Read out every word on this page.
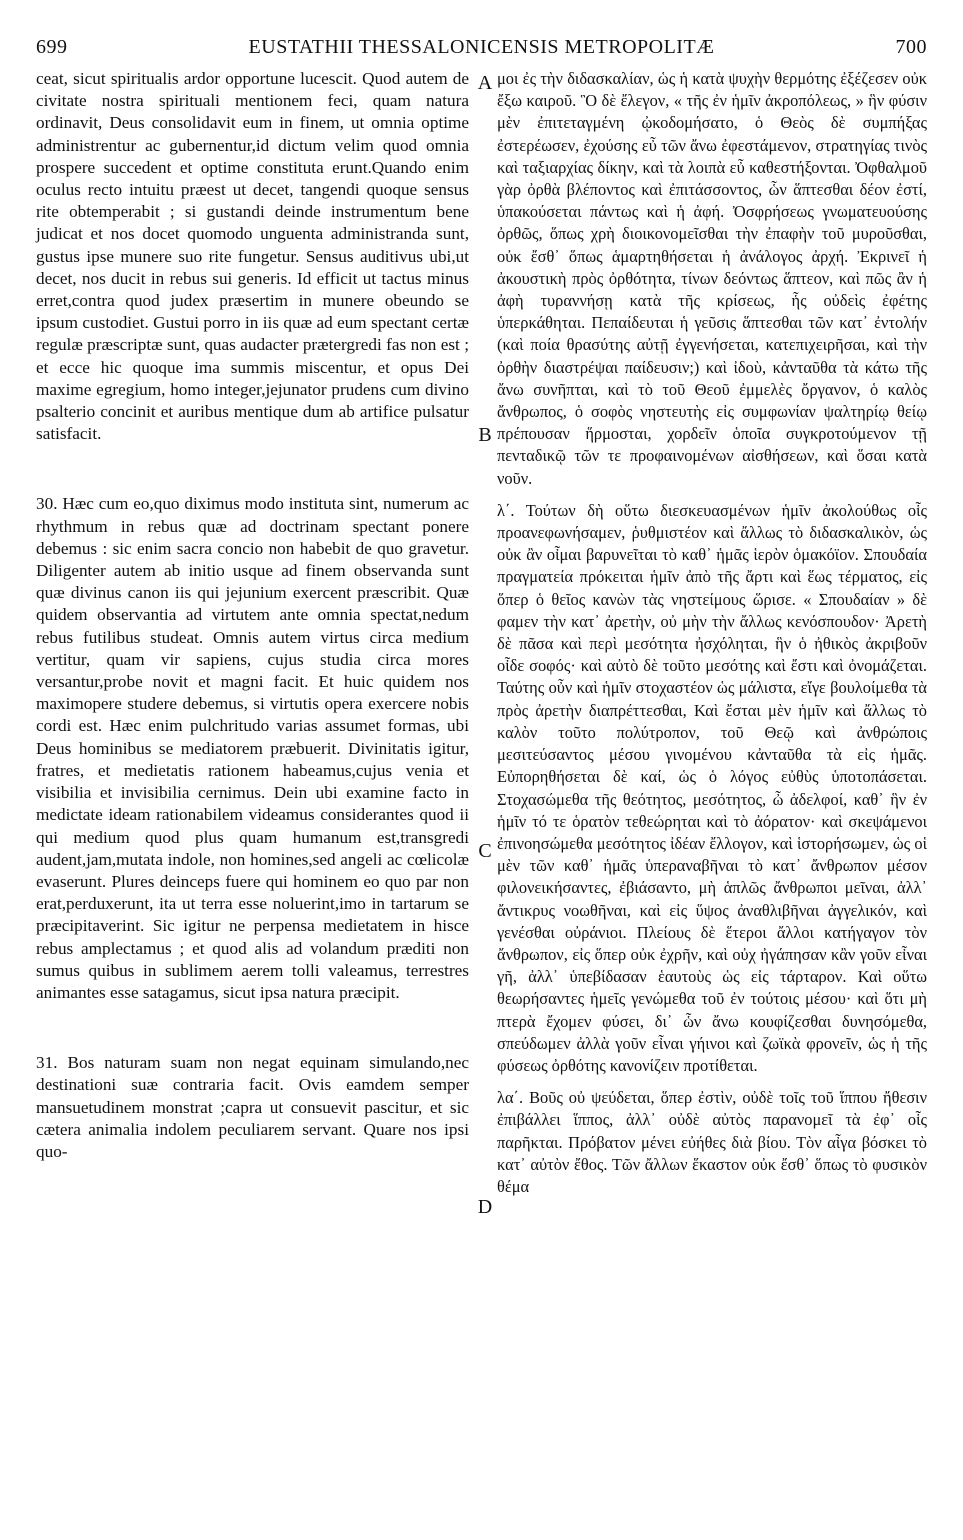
699	EUSTATHII THESSALONICENSIS METROPOLITÆ	700

ceat, sicut spiritualis ardor opportune lucescit. Quod autem de civitate nostra spirituali mentionem feci, quam natura ordinavit, Deus consolidavit eum in finem, ut omnia optime administrentur ac gubernentur,id dictum velim quod omnia prospere succedent et optime constituta erunt.Quando enim oculus recto intuitu præest ut decet, tangendi quoque sensus rite obtemperabit ; si gustandi deinde instrumentum bene judicat et nos docet quomodo unguenta administranda sunt, gustus ipse munere suo rite fungetur. Sensus auditivus ubi,ut decet, nos ducit in rebus sui generis. Id efficit ut tactus minus erret,contra quod judex præsertim in munere obeundo se ipsum custodiet. Gustui porro in iis quæ ad eum spectant certæ regulæ præscriptæ sunt, quas audacter prætergredi fas non est ; et ecce hic quoque ima summis miscentur, et opus Dei maxime egregium, homo integer,jejunator prudens cum divino psalterio concinit et auribus mentique dum ab artifice pulsatur satisfacit.

30. Hæc cum eo,quo diximus modo instituta sint, numerum ac rhythmum in rebus quæ ad doctrinam spectant ponere debemus : sic enim sacra concio non habebit de quo gravetur. Diligenter autem ab initio usque ad finem observanda sunt quæ divinus canon iis qui jejunium exercent præscribit. Quæ quidem observantia ad virtutem ante omnia spectat,nedum rebus futilibus studeat. Omnis autem virtus circa medium vertitur, quam vir sapiens, cujus studia circa mores versantur,probe novit et magni facit. Et huic quidem nos maximopere studere debemus, si virtutis opera exercere nobis cordi est. Hæc enim pulchritudo varias assumet formas, ubi Deus hominibus se mediatorem præbuerit. Divinitatis igitur, fratres, et medietatis rationem habeamus,cujus venia et visibilia et invisibilia cernimus. Dein ubi examine facto in medictate ideam rationabilem videamus considerantes quod ii qui medium quod plus quam humanum est,transgredi audent,jam,mutata indole, non homines,sed angeli ac cœlicolæ evaserunt. Plures deinceps fuere qui hominem eo quo par non erat,perduxerunt, ita ut terra esse noluerint,imo in tartarum se præcipitaverint. Sic igitur ne perpensa medietatem in hisce rebus amplectamus ; et quod alis ad volandum præditi non sumus quibus in sublimem aerem tolli valeamus, terrestres animantes esse satagamus, sicut ipsa natura præcipit.

31. Bos naturam suam non negat equinam simulando,nec destinationi suæ contraria facit. Ovis eamdem semper mansuetudinem monstrat ;capra ut consuevit pascitur, et sic cætera animalia indolem peculiarem servant. Quare nos ipsi quo-

A
B
C
D

μοι ἐς τὴν διδασκαλίαν, ὡς ἡ κατὰ ψυχὴν θερμότης ἐξέζεσεν οὐκ ἔξω καιροῦ. Ὃ δὲ ἔλεγον, « τῆς ἐν ἡμῖν ἀκροπόλεως, » ἣν φύσιν μὲν ἐπιτεταγμένη ᾠκοδομήσατο, ὁ Θεὸς δὲ συμπήξας ἐστερέωσεν, ἐχούσης εὖ τῶν ἄνω ἐφεστάμενον, στρατηγίας τινὸς καὶ ταξιαρχίας δίκην, καὶ τὰ λοιπὰ εὖ καθεστήξονται. Ὀφθαλμοῦ γὰρ ὀρθὰ βλέποντος καὶ ἐπιτάσσοντος, ὧν ἅπτεσθαι δέον ἐστί, ὑπακούσεται πάντως καὶ ἡ ἀφή. Ὀσφρήσεως γνωματευούσης ὀρθῶς, ὅπως χρὴ διοικονομεῖσθαι τὴν ἐπαφὴν τοῦ μυροῦσθαι, οὐκ ἔσθ᾽ ὅπως ἁμαρτηθήσεται ἡ ἀνάλογος ἀρχή. Ἐκρινεῖ ἡ ἀκουστικὴ πρὸς ὀρθότητα, τίνων δεόντως ἅπτεον, καὶ πῶς ἂν ἡ ἀφὴ τυραννήσῃ κατὰ τῆς κρίσεως, ἧς οὐδεὶς ἐφέτης ὑπερκάθηται. Πεπαίδευται ἡ γεῦσις ἅπτεσθαι τῶν κατ᾽ ἐντολήν (καὶ ποία θρασύτης αὐτῇ ἐγγενήσεται, κατεπιχειρῆσαι, καὶ τὴν ὀρθὴν διαστρέψαι παίδευσιν;) καὶ ἰδοὺ, κἀνταῦθα τὰ κάτω τῆς ἄνω συνῆπται, καὶ τὸ τοῦ Θεοῦ ἐμμελὲς ὄργανον, ὁ καλὸς ἄνθρωπος, ὁ σοφὸς νηστευτὴς εἰς συμφωνίαν ψαλτηρίῳ θείῳ πρέπουσαν ἥρμοσται, χορδεῖν ὁποῖα συγκροτούμενον τῇ πενταδικῷ τῶν τε προφαινομένων αἰσθήσεων, καὶ ὅσαι κατὰ νοῦν.

λ΄. Τούτων δὴ οὕτω διεσκευασμένων ἡμῖν ἀκολούθως οἷς προανεφωνήσαμεν, ῥυθμιστέον καὶ ἄλλως τὸ διδασκαλικὸν, ὡς οὐκ ἂν οἶμαι βαρυνεῖται τὸ καθ᾽ ἡμᾶς ἱερὸν ὁμακόϊον. Σπουδαία πραγματεία πρόκειται ἡμῖν ἀπὸ τῆς ἄρτι καὶ ἕως τέρματος, εἰς ὅπερ ὁ θεῖος κανὼν τὰς νηστείμους ὥρισε. « Σπουδαίαν » δὲ φαμεν τὴν κατ᾽ ἀρετὴν, οὐ μὴν τὴν ἄλλως κενόσπουδον· Ἀρετὴ δὲ πᾶσα καὶ περὶ μεσότητα ἠσχόληται, ἣν ὁ ἠθικὸς ἀκριβοῦν οἶδε σοφός· καὶ αὐτὸ δὲ τοῦτο μεσότης καὶ ἔστι καὶ ὀνομάζεται. Ταύτης οὖν καὶ ἡμῖν στοχαστέον ὡς μάλιστα, εἴγε βουλοίμεθα τὰ πρὸς ἀρετὴν διαπρέττεσθαι, Καὶ ἔσται μὲν ἡμῖν καὶ ἄλλως τὸ καλὸν τοῦτο πολύτροπον, τοῦ Θεῷ καὶ ἀνθρώποις μεσιτεύσαντος μέσου γινομένου κἀνταῦθα τὰ εἰς ἡμᾶς. Εὐπορηθήσεται δὲ καί, ὡς ὁ λόγος εὐθὺς ὑποτοπάσεται. Στοχασώμεθα τῆς θεότητος, μεσότητος, ὦ ἀδελφοί, καθ᾽ ἣν ἐν ἡμῖν τό τε ὁρατὸν τεθεώρηται καὶ τὸ ἀόρατον· καὶ σκεψάμενοι ἐπινοησώμεθα μεσότητος ἰδέαν ἔλλογον, καὶ ἱστορήσωμεν, ὡς οἱ μὲν τῶν καθ᾽ ἡμᾶς ὑπεραναβῆναι τὸ κατ᾽ ἄνθρωπον μέσον φιλονεικήσαντες, ἐβιάσαντο, μὴ ἁπλῶς ἄνθρωποι μεῖναι, ἀλλ᾽ ἄντικρυς νοωθῆναι, καὶ εἰς ὕψος ἀναθλιβῆναι ἀγγελικόν, καὶ γενέσθαι οὐράνιοι. Πλείους δὲ ἕτεροι ἄλλοι κατήγαγον τὸν ἄνθρωπον, εἰς ὅπερ οὐκ ἐχρῆν, καὶ οὐχ ἠγάπησαν κἂν γοῦν εἶναι γῆ, ἀλλ᾽ ὑπεβίδασαν ἑαυτοὺς ὡς εἰς τάρταρον. Καὶ οὕτω θεωρήσαντες ἡμεῖς γενώμεθα τοῦ ἐν τούτοις μέσου· καὶ ὅτι μὴ πτερὰ ἔχομεν φύσει, δι᾽ ὧν ἄνω κουφίζεσθαι δυνησόμεθα, σπεύδωμεν ἀλλὰ γοῦν εἶναι γήινοι καὶ ζωϊκὰ φρονεῖν, ὡς ἡ τῆς φύσεως ὀρθότης κανονίζειν προτίθεται.

λα΄. Βοῦς οὐ ψεύδεται, ὅπερ ἐστὶν, οὐδὲ τοῖς τοῦ ἵππου ἤθεσιν ἐπιβάλλει ἵππος, ἀλλ᾽ οὐδὲ αὐτὸς παρανομεῖ τὰ ἐφ᾽ οἷς παρῆκται. Πρόβατον μένει εὐήθες διὰ βίου. Τὸν αἶγα βόσκει τὸ κατ᾽ αὐτὸν ἔθος. Τῶν ἄλλων ἕκαστον οὐκ ἔσθ᾽ ὅπως τὸ φυσικὸν θέμα
